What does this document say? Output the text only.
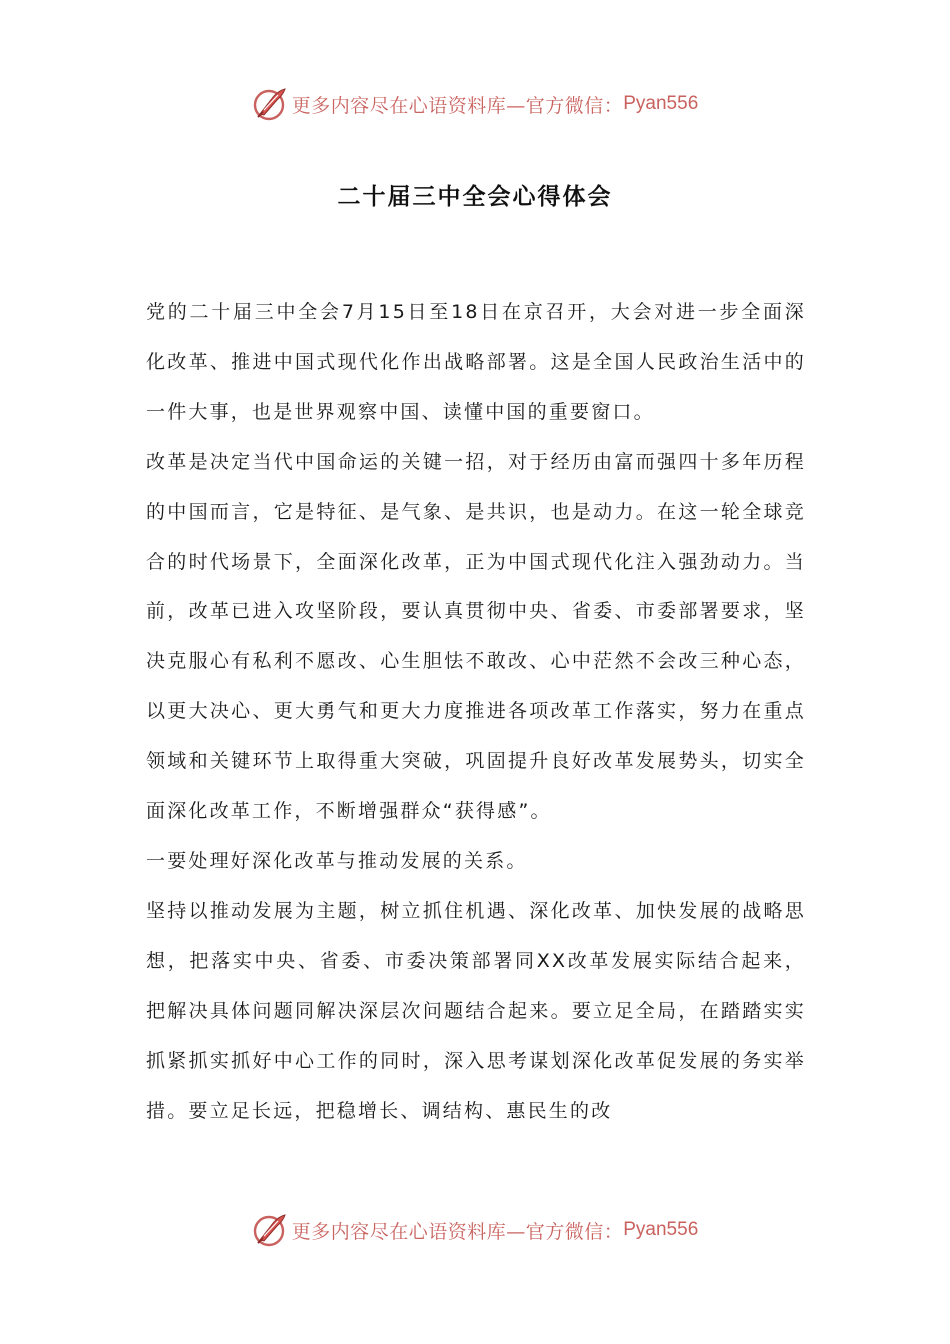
更多内容尽在心语资料库—官方微信： Pyan556
二十届三中全会心得体会

党的二十届三中全会7月15日至18日在京召开，大会对进一步全面深化改革、推进中国式现代化作出战略部署。这是全国人民政治生活中的一件大事，也是世界观察中国、读懂中国的重要窗口。

改革是决定当代中国命运的关键一招，对于经历由富而强四十多年历程的中国而言，它是特征、是气象、是共识，也是动力。在这一轮全球竞合的时代场景下，全面深化改革，正为中国式现代化注入强劲动力。当前，改革已进入攻坚阶段，要认真贯彻中央、省委、市委部署要求，坚决克服心有私利不愿改、心生胆怯不敢改、心中茫然不会改三种心态，以更大决心、更大勇气和更大力度推进各项改革工作落实，努力在重点领域和关键环节上取得重大突破，巩固提升良好改革发展势头，切实全面深化改革工作，不断增强群众“获得感”。

一要处理好深化改革与推动发展的关系。

坚持以推动发展为主题，树立抓住机遇、深化改革、加快发展的战略思想，把落实中央、省委、市委决策部署同XX改革发展实际结合起来，把解决具体问题同解决深层次问题结合起来。要立足全局，在踏踏实实抓紧抓实抓好中心工作的同时，深入思考谋划深化改革促发展的务实举措。要立足长远，把稳增长、调结构、惠民生的改

更多内容尽在心语资料库—官方微信： Pyan556
